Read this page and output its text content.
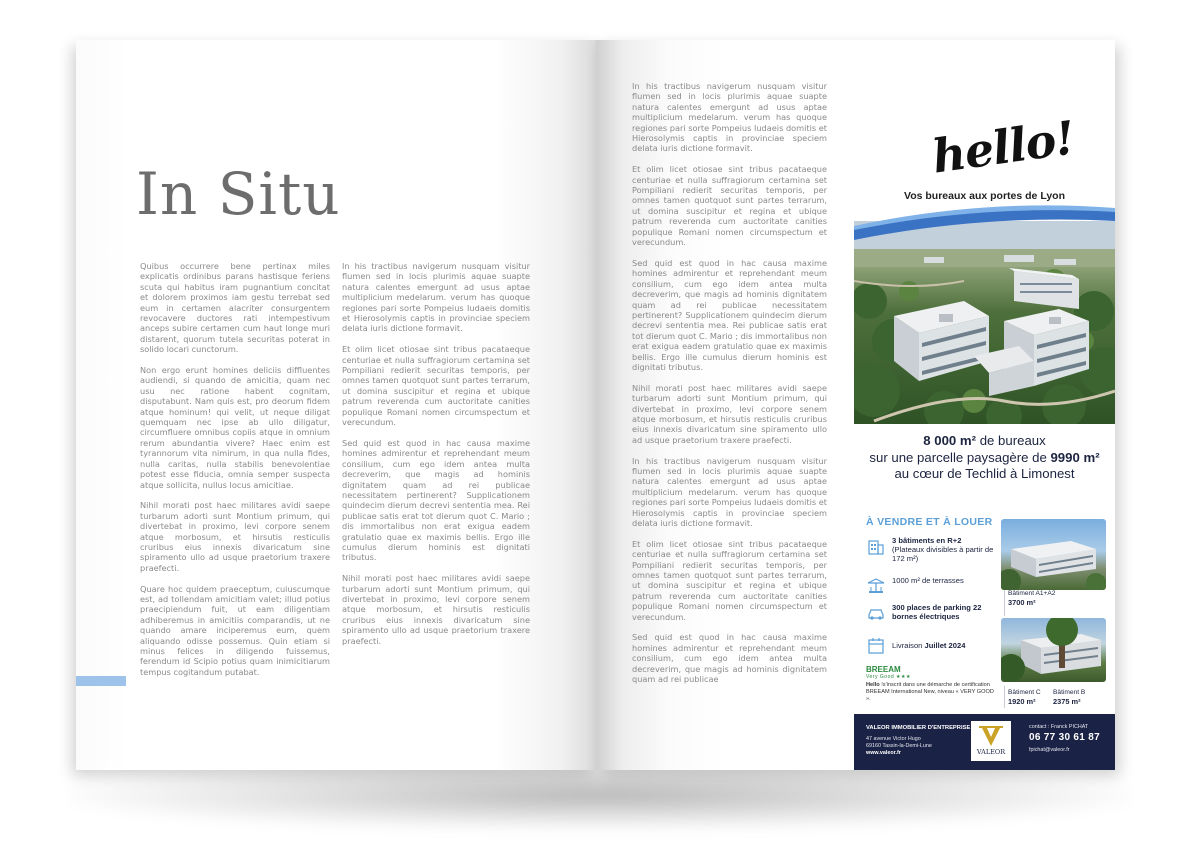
In Situ

Quibus occurrere bene pertinax miles explicatis ordinibus parans hastisque feriens scuta qui habitus iram pugnantium concitat et dolorem proximos iam gestu terrebat sed eum in certamen alacriter consurgentem revocavere ductores rati intempestivum anceps subire certamen cum haut longe muri distarent, quorum tutela securitas poterat in solido locari cunctorum.

Non ergo erunt homines deliciis diffluentes audiendi, si quando de amicitia, quam nec usu nec ratione habent cognitam, disputabunt. Nam quis est, pro deorum fidem atque hominum! qui velit, ut neque diligat quemquam nec ipse ab ullo diligatur, circumfluere omnibus copiis atque in omnium rerum abundantia vivere? Haec enim est tyrannorum vita nimirum, in qua nulla fides, nulla caritas, nulla stabilis benevolentiae potest esse fiducia, omnia semper suspecta atque sollicita, nullus locus amicitiae.

Nihil morati post haec militares avidi saepe turbarum adorti sunt Montium primum, qui divertebat in proximo, levi corpore senem atque morbosum, et hirsutis resticulis cruribus eius innexis divaricatum sine spiramento ullo ad usque praetorium traxere praefecti.

Quare hoc quidem praeceptum, cuiuscumque est, ad tollendam amicitiam valet; illud potius praecipiendum fuit, ut eam diligentiam adhiberemus in amicitiis comparandis, ut ne quando amare inciperemus eum, quem aliquando odisse possemus. Quin etiam si minus felices in diligendo fuissemus, ferendum id Scipio potius quam inimicitiarum tempus cogitandum putabat.

In his tractibus navigerum nusquam visitur flumen sed in locis plurimis aquae suapte natura calentes emergunt ad usus aptae multiplicium medelarum. verum has quoque regiones pari sorte Pompeius Iudaeis domitis et Hierosolymis captis in provinciae speciem delata iuris dictione formavit.

Et olim licet otiosae sint tribus pacataeque centuriae et nulla suffragiorum certamina set Pompiliani redierit securitas temporis, per omnes tamen quotquot sunt partes terrarum, ut domina suscipitur et regina et ubique patrum reverenda cum auctoritate canities populique Romani nomen circumspectum et verecundum.

Sed quid est quod in hac causa maxime homines admirentur et reprehendant meum consilium, cum ego idem antea multa decreverim, que magis ad hominis dignitatem quam ad rei publicae necessitatem pertinerent? Supplicationem quindecim dierum decrevi sententia mea. Rei publicae satis erat tot dierum quot C. Mario ; dis immortalibus non erat exigua eadem gratulatio quae ex maximis bellis. Ergo ille cumulus dierum hominis est dignitati tributus.

Nihil morati post haec militares avidi saepe turbarum adorti sunt Montium primum, qui divertebat in proximo, levi corpore senem atque morbosum, et hirsutis resticulis cruribus eius innexis divaricatum sine spiramento ullo ad usque praetorium traxere praefecti.

In his tractibus navigerum nusquam visitur flumen sed in locis plurimis aquae suapte natura calentes emergunt ad usus aptae multiplicium medelarum. verum has quoque regiones pari sorte Pompeius Iudaeis domitis et Hierosolymis captis in provinciae speciem delata iuris dictione formavit.

Et olim licet otiosae sint tribus pacataeque centuriae et nulla suffragiorum certamina set Pompiliani redierit securitas temporis, per omnes tamen quotquot sunt partes terrarum, ut domina suscipitur et regina et ubique patrum reverenda cum auctoritate canities populique Romani nomen circumspectum et verecundum.

Sed quid est quod in hac causa maxime homines admirentur et reprehendant meum consilium, cum ego idem antea multa decreverim, que magis ad hominis dignitatem quam ad rei publicae necessitatem pertinerent? Supplicationem quindecim dierum decrevi sententia mea. Rei publicae satis erat tot dierum quot C. Mario ; dis immortalibus non erat exigua eadem gratulatio quae ex maximis bellis. Ergo ille cumulus dierum hominis est dignitati tributus.

Nihil morati post haec militares avidi saepe turbarum adorti sunt Montium primum, qui divertebat in proximo, levi corpore senem atque morbosum, et hirsutis resticulis cruribus eius innexis divaricatum sine spiramento ullo ad usque praetorium traxere praefecti.

In his tractibus navigerum nusquam visitur flumen sed in locis plurimis aquae suapte natura calentes emergunt ad usus aptae multiplicium medelarum. verum has quoque regiones pari sorte Pompeius Iudaeis domitis et Hierosolymis captis in provinciae speciem delata iuris dictione formavit.

Et olim licet otiosae sint tribus pacataeque centuriae et nulla suffragiorum certamina set Pompiliani redierit securitas temporis, per omnes tamen quotquot sunt partes terrarum, ut domina suscipitur et regina et ubique patrum reverenda cum auctoritate canities populique Romani nomen circumspectum et verecundum.

Sed quid est quod in hac causa maxime homines admirentur et reprehendant meum consilium, cum ego idem antea multa decreverim, que magis ad hominis dignitatem quam ad rei publicae

hello!
Vos bureaux aux portes de Lyon
8 000 m² de bureaux
sur une parcelle paysagère de 9990 m²
au cœur de Techlid à Limonest
À VENDRE ET À LOUER
3 bâtiments en R+2
(Plateaux divisibles à partir de 172 m²)
1000 m² de terrasses
300 places de parking 22 bornes électriques
Livraison Juillet 2024
BREEAM
Very Good ★★★
Hello !s'inscrit dans une démarche de certification BREEAM International New, niveau « VERY GOOD ».
Bâtiment A1+A2
3700 m²
Bâtiment C
1920 m²
Bâtiment B
2375 m²
VALEOR IMMOBILIER D'ENTREPRISE
47 avenue Victor Hugo
69160 Tassin-la-Demi-Lune
www.valeor.fr	VALEOR
contact : Franck PICHAT
06 77 30 61 87
fpichat@valeor.fr
